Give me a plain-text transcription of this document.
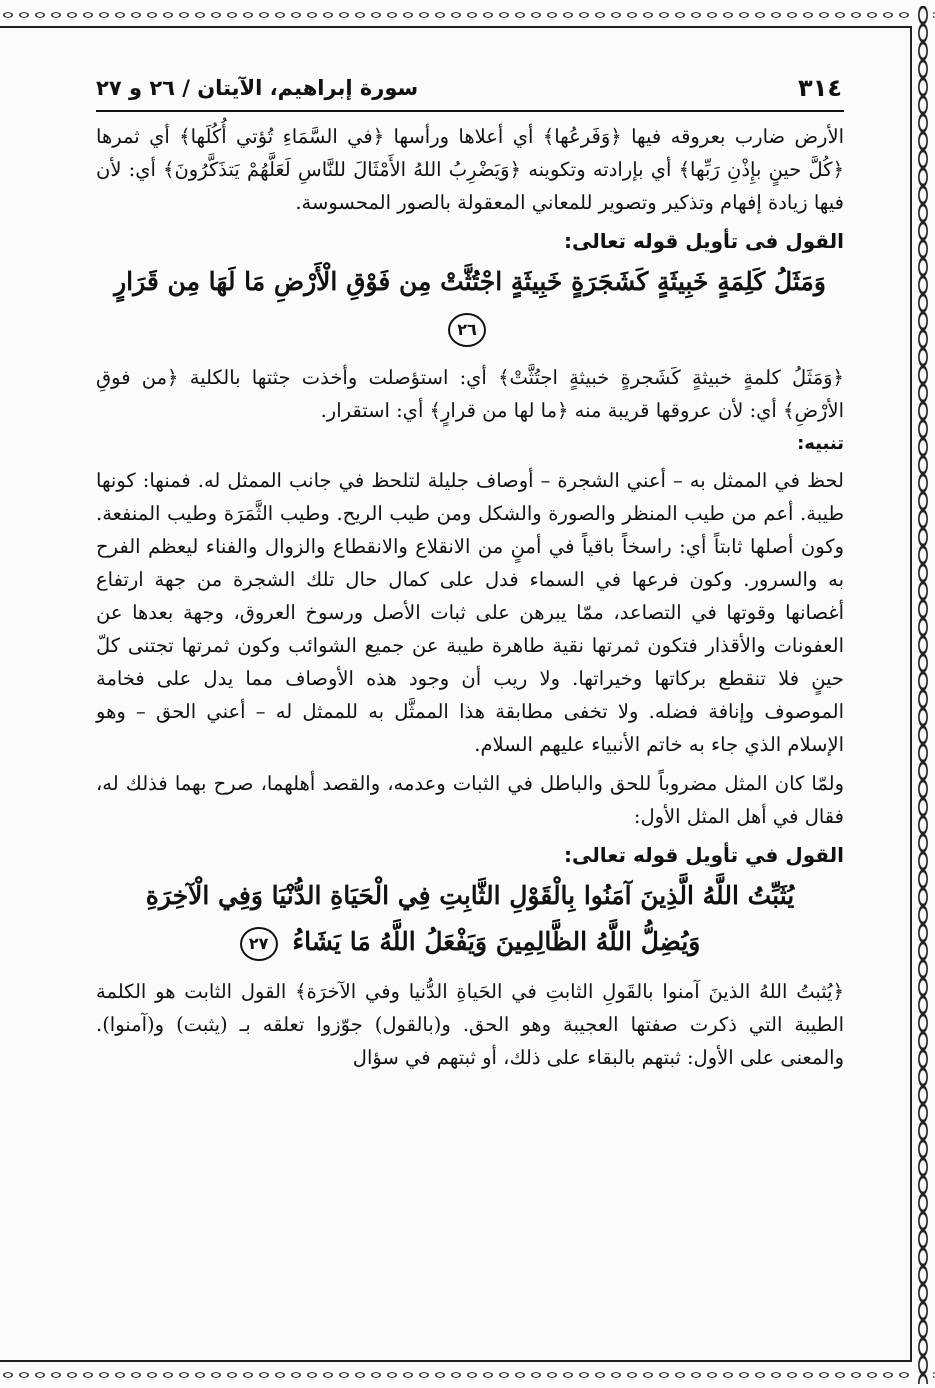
٣١٤
سورة إبراهيم، الآيتان / ٢٦ و ٢٧

الأرض ضارب بعروقه فيها ﴿وَفَرعُها﴾ أي أعلاها ورأسها ﴿في السَّمَاءِ تُؤتي أُكُلَها﴾ أي ثمرها ﴿كُلَّ حينٍ بإِذْنِ رَبِّها﴾ أي بإرادته وتكوينه ﴿وَيَضْرِبُ اللهُ الأَمْثَالَ للنَّاسِ لَعَلَّهُمْ يَتذَكَّرُونَ﴾ أي: لأن فيها زيادة إفهام وتذكير وتصوير للمعاني المعقولة بالصور المحسوسة.

القول فى تأويل قوله تعالى:
وَمَثَلُ كَلِمَةٍ خَبِيثَةٍ كَشَجَرَةٍ خَبِيثَةٍ اجْتُثَّتْ مِن فَوْقِ الْأَرْضِ مَا لَهَا مِن قَرَارٍ ٢٦

﴿وَمَثَلُ كلمةٍ خبيثةٍ كَشَجرةٍ خبيثةٍ اجتُثَّتْ﴾ أي: استؤصلت وأخذت جثتها بالكلية ﴿من فوقِ الأرْضِ﴾ أي: لأن عروقها قريبة منه ﴿ما لها من قرارٍ﴾ أي: استقرار.

تنبيه:

لحظ في الممثل به – أعني الشجرة – أوصاف جليلة لتلحظ في جانب الممثل له. فمنها: كونها طيبة. أعم من طيب المنظر والصورة والشكل ومن طيب الريح. وطيب الثَّمَرَة وطيب المنفعة. وكون أصلها ثابتاً أي: راسخاً باقياً في أمنٍ من الانقلاع والانقطاع والزوال والفناء ليعظم الفرح به والسرور. وكون فرعها في السماء فدل على كمال حال تلك الشجرة من جهة ارتفاع أغصانها وقوتها في التصاعد، ممّا يبرهن على ثبات الأصل ورسوخ العروق، وجهة بعدها عن العفونات والأقذار فتكون ثمرتها نقية طاهرة طيبة عن جميع الشوائب وكون ثمرتها تجتنى كلّ حينٍ فلا تنقطع بركاتها وخيراتها. ولا ريب أن وجود هذه الأوصاف مما يدل على فخامة الموصوف وإنافة فضله. ولا تخفى مطابقة هذا الممثَّل به للممثل له – أعني الحق – وهو الإسلام الذي جاء به خاتم الأنبياء عليهم السلام.

ولمّا كان المثل مضروباً للحق والباطل في الثبات وعدمه، والقصد أهلهما، صرح بهما فذلك له، فقال في أهل المثل الأول:

القول في تأويل قوله تعالى:
يُثَبِّتُ اللَّهُ الَّذِينَ آمَنُوا بِالْقَوْلِ الثَّابِتِ فِي الْحَيَاةِ الدُّنْيَا وَفِي الْآخِرَةِ
وَيُضِلُّ اللَّهُ الظَّالِمِينَ وَيَفْعَلُ اللَّهُ مَا يَشَاءُ ٢٧

﴿يُثبتُ اللهُ الذينَ آمنوا بالقَولِ الثابتِ في الحَياةِ الدُّنيا وفي الآخرَة﴾ القول الثابت هو الكلمة الطيبة التي ذكرت صفتها العجيبة وهو الحق. و(بالقول) جوّزوا تعلقه بـ (يثبت) و(آمنوا). والمعنى على الأول: ثبتهم بالبقاء على ذلك، أو ثبتهم في سؤال
